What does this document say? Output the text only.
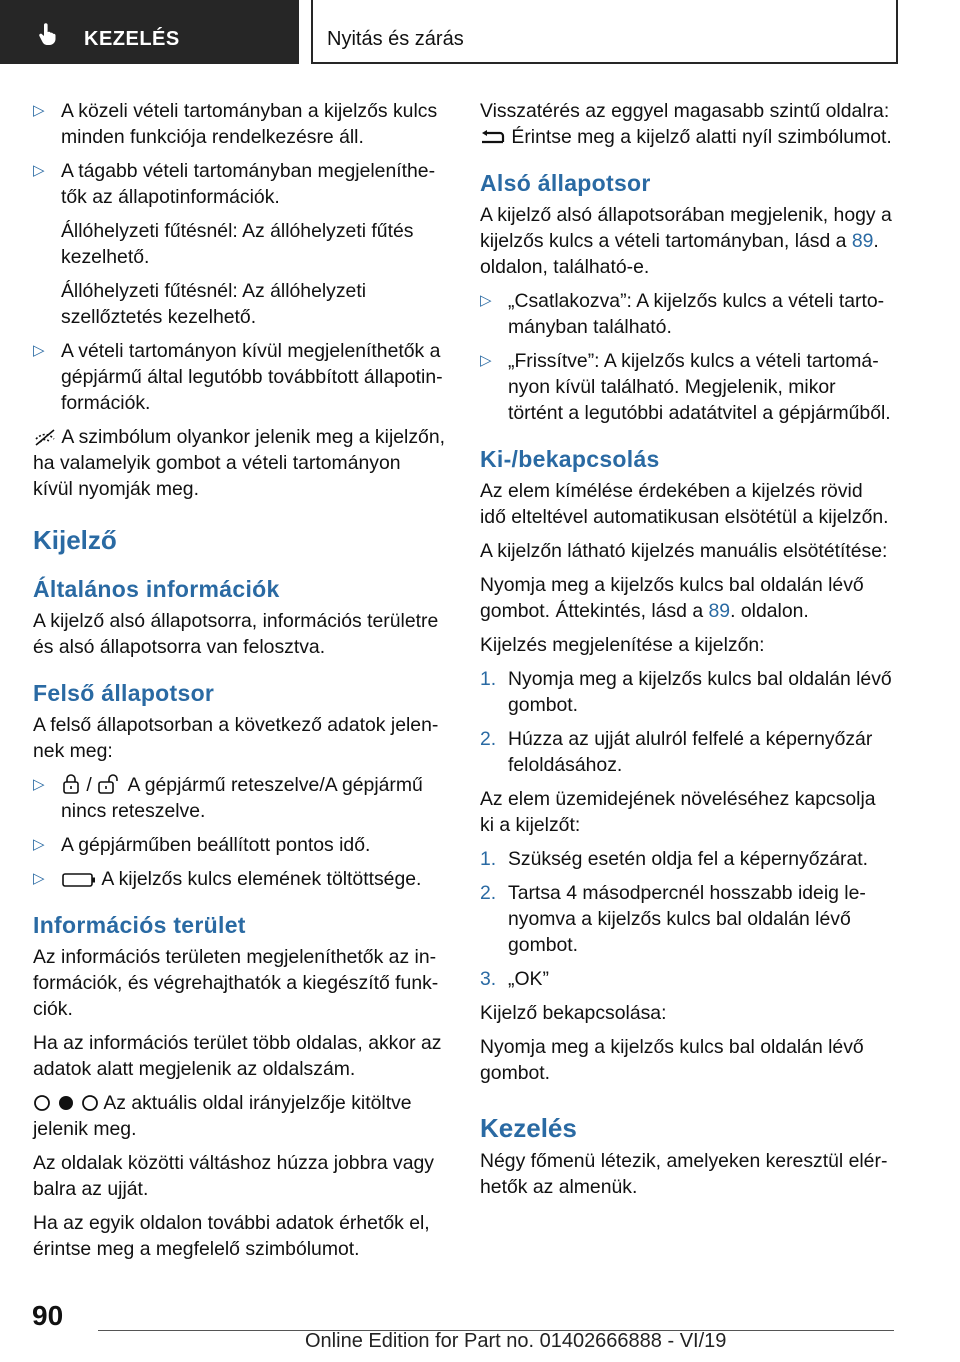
KEZELÉS	Nyitás és zárás
▷ A közeli vételi tartományban a kijelzős kulcs minden funkciója rendelkezésre áll.
▷ A tágabb vételi tartományban megjeleníthetők az állapotinformációk.
Állóhelyzeti fűtésnél: Az állóhelyzeti fűtés kezelhető.
Állóhelyzeti fűtésnél: Az állóhelyzeti szellőztetés kezelhető.
▷ A vételi tartományon kívül megjeleníthetők a gépjármű által legutóbb továbbított állapotinformációk.

A szimbólum olyankor jelenik meg a kijelzőn, ha valamelyik gombot a vételi tartományon kívül nyomják meg.

Kijelző
Általános információk

A kijelző alsó állapotsorra, információs területre és alsó állapotsorra van felosztva.

Felső állapotsor

A felső állapotsorban a következő adatok jelennek meg:

▷ /  A gépjármű reteszelve/A gépjármű nincs reteszelve.
▷ A gépjárműben beállított pontos idő.
▷	A kijelzős kulcs elemének töltöttsége.
Információs terület

Az információs területen megjeleníthetők az információk, és végrehajthatók a kiegészítő funkciók.

Ha az információs terület több oldalas, akkor az adatok alatt megjelenik az oldalszám.

Az aktuális oldal irányjelzője kitöltve jelenik meg.

Az oldalak közötti váltáshoz húzza jobbra vagy balra az ujját.

Ha az egyik oldalon további adatok érhetők el, érintse meg a megfelelő szimbólumot.

Visszatérés az eggyel magasabb szintű oldalra:
Érintse meg a kijelző alatti nyíl szimbólumot.

Alsó állapotsor

A kijelző alsó állapotsorában megjelenik, hogy a kijelzős kulcs a vételi tartományban, lásd a 89. oldalon, található-e.

▷ „Csatlakozva”: A kijelzős kulcs a vételi tartományban található.
▷ „Frissítve”: A kijelzős kulcs a vételi tartományon kívül található. Megjelenik, mikor történt a legutóbbi adatátvitel a gépjárműből.
Ki-/bekapcsolás

Az elem kímélése érdekében a kijelzés rövid idő elteltével automatikusan elsötétül a kijelzőn.

A kijelzőn látható kijelzés manuális elsötétítése:

Nyomja meg a kijelzős kulcs bal oldalán lévő gombot. Áttekintés, lásd a 89. oldalon.

Kijelzés megjelenítése a kijelzőn:

1. Nyomja meg a kijelzős kulcs bal oldalán lévő gombot.
2. Húzza az ujját alulról felfelé a képernyőzár feloldásához.

Az elem üzemidejének növeléséhez kapcsolja ki a kijelzőt:

1. Szükség esetén oldja fel a képernyőzárat.
2. Tartsa 4 másodpercnél hosszabb ideig lenyomva a kijelzős kulcs bal oldalán lévő gombot.
3. „OK”

Kijelző bekapcsolása:

Nyomja meg a kijelzős kulcs bal oldalán lévő gombot.

Kezelés

Négy főmenü létezik, amelyeken keresztül elérhetők az almenük.

90
Online Edition for Part no. 01402666888 - VI/19
